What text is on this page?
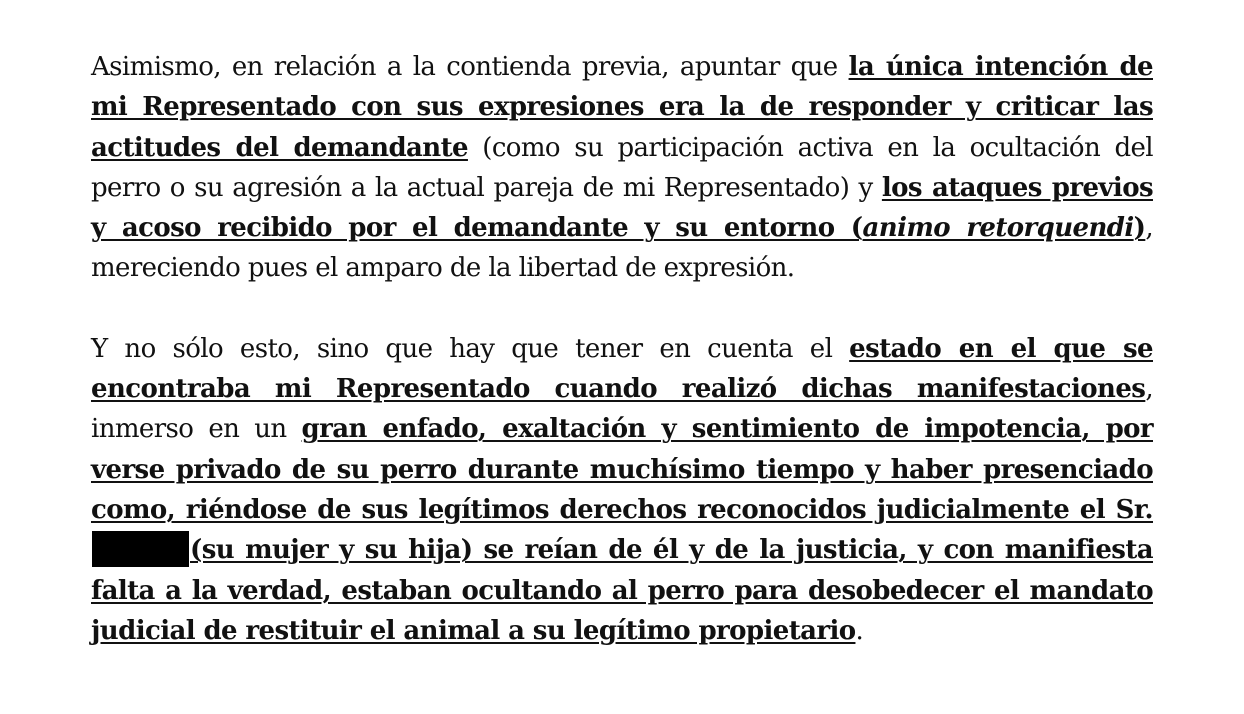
Asimismo, en relación a la contienda previa, apuntar que la única intención de mi Representado con sus expresiones era la de responder y criticar las actitudes del demandante (como su participación activa en la ocultación del perro o su agresión a la actual pareja de mi Representado) y los ataques previos y acoso recibido por el demandante y su entorno (animo retorquendi), mereciendo pues el amparo de la libertad de expresión.

Y no sólo esto, sino que hay que tener en cuenta el estado en el que se encontraba mi Representado cuando realizó dichas manifestaciones, inmerso en un gran enfado, exaltación y sentimiento de impotencia, por verse privado de su perro durante muchísimo tiempo y haber presenciado como, riéndose de sus legítimos derechos reconocidos judicialmente el Sr.(su mujer y su hija) se reían de él y de la justicia, y con manifiesta falta a la verdad, estaban ocultando al perro para desobedecer el mandato judicial de restituir el animal a su legítimo propietario.
